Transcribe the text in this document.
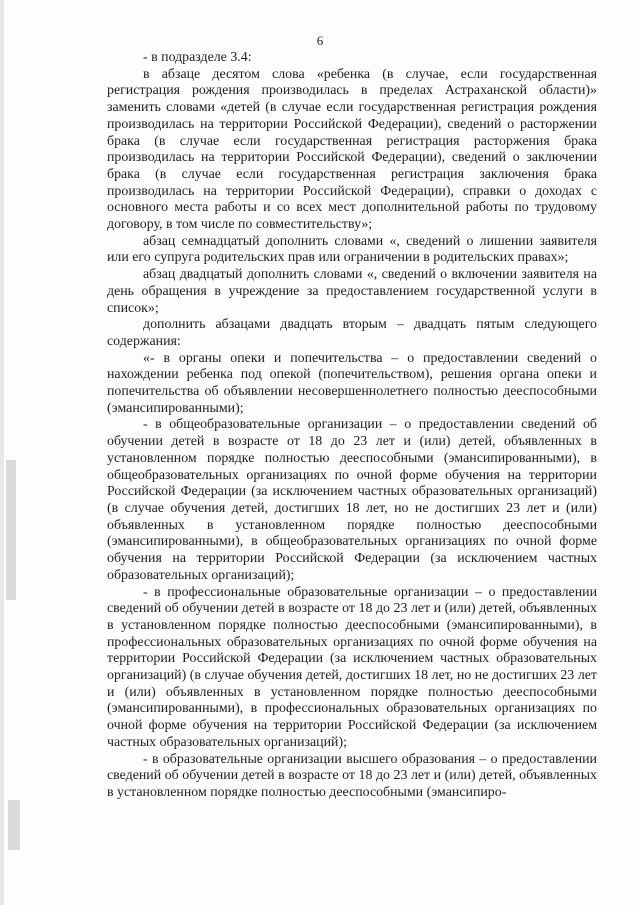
6

- в подразделе 3.4:

в абзаце десятом слова «ребенка (в случае, если государственная регистрация рождения производилась в пределах Астраханской области)» заменить словами «детей (в случае если государственная регистрация рождения производилась на территории Российской Федерации), сведений о расторжении брака (в случае если государственная регистрация расторжения брака производилась на территории Российской Федерации), сведений о заключении брака (в случае если государственная регистрация заключения брака производилась на территории Российской Федерации), справки о доходах с основного места работы и со всех мест дополнительной работы по трудовому договору, в том числе по совместительству»;

абзац семнадцатый дополнить словами «, сведений о лишении заявителя или его супруга родительских прав или ограничении в родительских правах»;

абзац двадцатый дополнить словами «, сведений о включении заявителя на день обращения в учреждение за предоставлением государственной услуги в список»;

дополнить абзацами двадцать вторым – двадцать пятым следующего содержания:

«- в органы опеки и попечительства – о предоставлении сведений о нахождении ребенка под опекой (попечительством), решения органа опеки и попечительства об объявлении несовершеннолетнего полностью дееспособными (эмансипированными);

- в общеобразовательные организации – о предоставлении сведений об обучении детей в возрасте от 18 до 23 лет и (или) детей, объявленных в установленном порядке полностью дееспособными (эмансипированными), в общеобразовательных организациях по очной форме обучения на территории Российской Федерации (за исключением частных образовательных организаций) (в случае обучения детей, достигших 18 лет, но не достигших 23 лет и (или) объявленных в установленном порядке полностью дееспособными (эмансипированными), в общеобразовательных организациях по очной форме обучения на территории Российской Федерации (за исключением частных образовательных организаций);

- в профессиональные образовательные организации – о предоставлении сведений об обучении детей в возрасте от 18 до 23 лет и (или) детей, объявленных в установленном порядке полностью дееспособными (эмансипированными), в профессиональных образовательных организациях по очной форме обучения на территории Российской Федерации (за исключением частных образовательных организаций) (в случае обучения детей, достигших 18 лет, но не достигших 23 лет и (или) объявленных в установленном порядке полностью дееспособными (эмансипированными), в профессиональных образовательных организациях по очной форме обучения на территории Российской Федерации (за исключением частных образовательных организаций);

- в образовательные организации высшего образования – о предоставлении сведений об обучении детей в возрасте от 18 до 23 лет и (или) детей, объявленных в установленном порядке полностью дееспособными (эмансипиро-
